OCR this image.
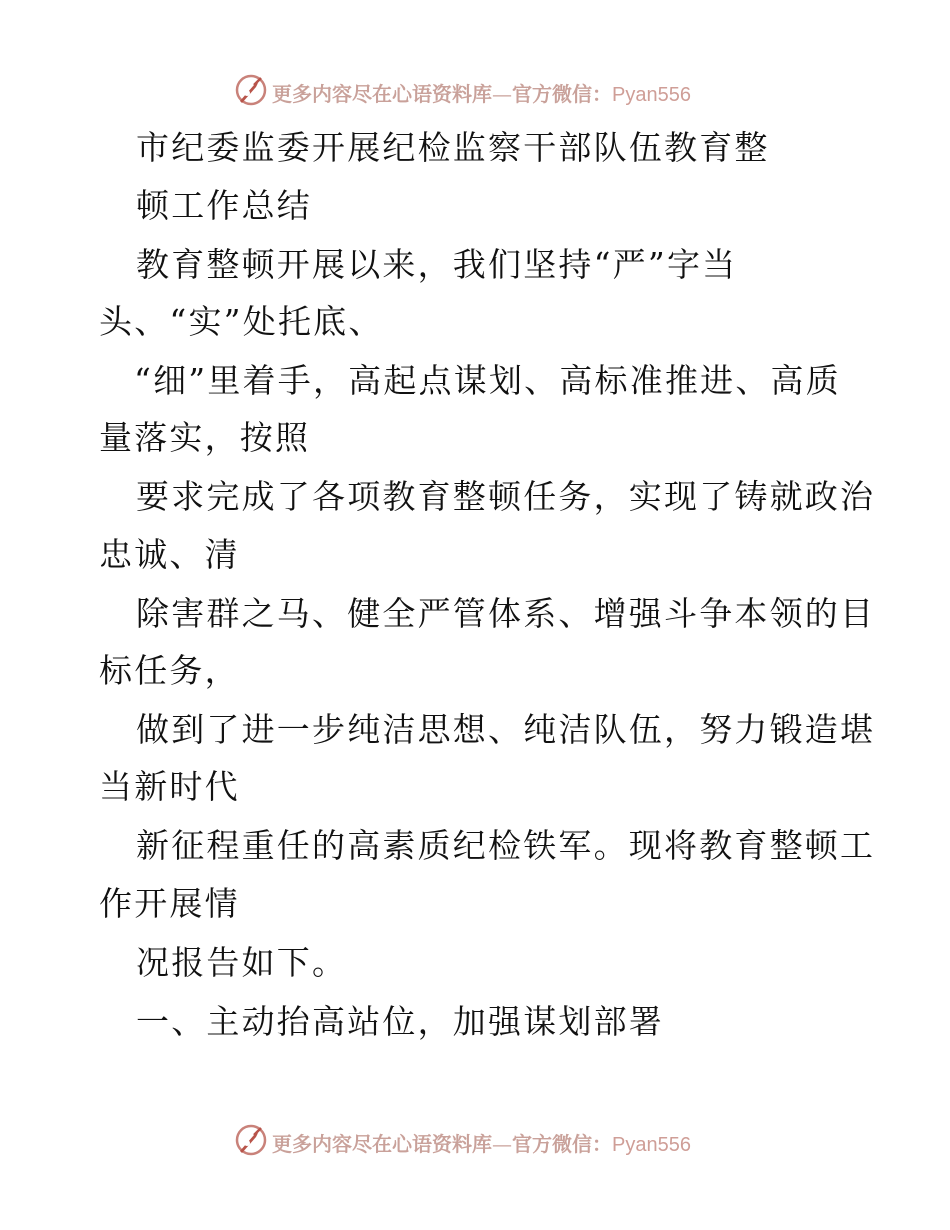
更多内容尽在心语资料库—官方微信：Pyan556
市纪委监委开展纪检监察干部队伍教育整
顿工作总结
教育整顿开展以来，我们坚持“严”字当
头、“实”处托底、
“细”里着手，高起点谋划、高标准推进、高质
量落实，按照
要求完成了各项教育整顿任务，实现了铸就政治
忠诚、清
除害群之马、健全严管体系、增强斗争本领的目
标任务，
做到了进一步纯洁思想、纯洁队伍，努力锻造堪
当新时代
新征程重任的高素质纪检铁军。现将教育整顿工
作开展情
况报告如下。
一、主动抬高站位，加强谋划部署
更多内容尽在心语资料库—官方微信：Pyan556
